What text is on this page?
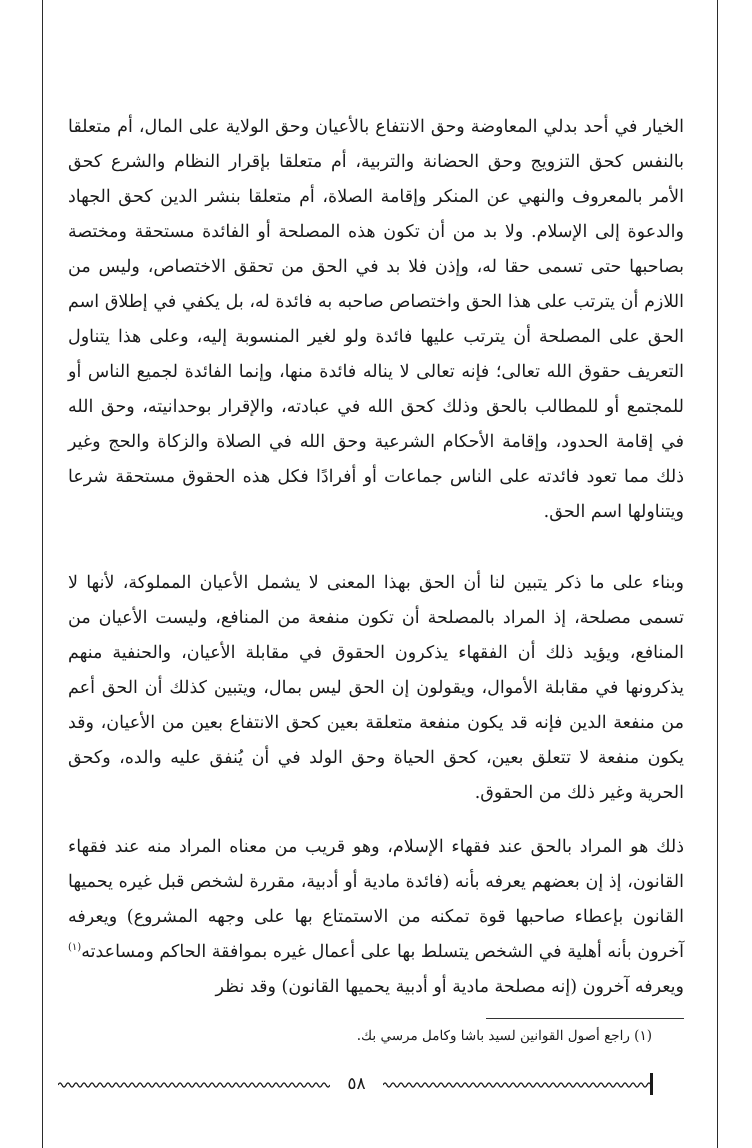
الخيار في أحد بدلي المعاوضة وحق الانتفاع بالأعيان وحق الولاية على المال، أم متعلقا بالنفس كحق التزويج وحق الحضانة والتربية، أم متعلقا بإقرار النظام والشرع كحق الأمر بالمعروف والنهي عن المنكر وإقامة الصلاة، أم متعلقا بنشر الدين كحق الجهاد والدعوة إلى الإسلام. ولا بد من أن تكون هذه المصلحة أو الفائدة مستحقة ومختصة بصاحبها حتى تسمى حقا له، وإذن فلا بد في الحق من تحقق الاختصاص، وليس من اللازم أن يترتب على هذا الحق واختصاص صاحبه به فائدة له، بل يكفي في إطلاق اسم الحق على المصلحة أن يترتب عليها فائدة ولو لغير المنسوبة إليه، وعلى هذا يتناول التعريف حقوق الله تعالى؛ فإنه تعالى لا يناله فائدة منها، وإنما الفائدة لجميع الناس أو للمجتمع أو للمطالب بالحق وذلك كحق الله في عبادته، والإقرار بوحدانيته، وحق الله في إقامة الحدود، وإقامة الأحكام الشرعية وحق الله في الصلاة والزكاة والحج وغير ذلك مما تعود فائدته على الناس جماعات أو أفرادًا فكل هذه الحقوق مستحقة شرعا ويتناولها اسم الحق.

وبناء على ما ذكر يتبين لنا أن الحق بهذا المعنى لا يشمل الأعيان المملوكة، لأنها لا تسمى مصلحة، إذ المراد بالمصلحة أن تكون منفعة من المنافع، وليست الأعيان من المنافع، ويؤيد ذلك أن الفقهاء يذكرون الحقوق في مقابلة الأعيان، والحنفية منهم يذكرونها في مقابلة الأموال، ويقولون إن الحق ليس بمال، ويتبين كذلك أن الحق أعم من منفعة الدين فإنه قد يكون منفعة متعلقة بعين كحق الانتفاع بعين من الأعيان، وقد يكون منفعة لا تتعلق بعين، كحق الحياة وحق الولد في أن يُنفق عليه والده، وكحق الحرية وغير ذلك من الحقوق.

ذلك هو المراد بالحق عند فقهاء الإسلام، وهو قريب من معناه المراد منه عند فقهاء القانون، إذ إن بعضهم يعرفه بأنه (فائدة مادية أو أدبية، مقررة لشخص قبل غيره يحميها القانون بإعطاء صاحبها قوة تمكنه من الاستمتاع بها على وجهه المشروع) ويعرفه آخرون بأنه أهلية في الشخص يتسلط بها على أعمال غيره بموافقة الحاكم ومساعدته$^{(١)}$ ويعرفه آخرون (إنه مصلحة مادية أو أدبية يحميها القانون) وقد نظر

(١) راجع أصول القوانين لسيد باشا وكامل مرسي بك.

٥٨
